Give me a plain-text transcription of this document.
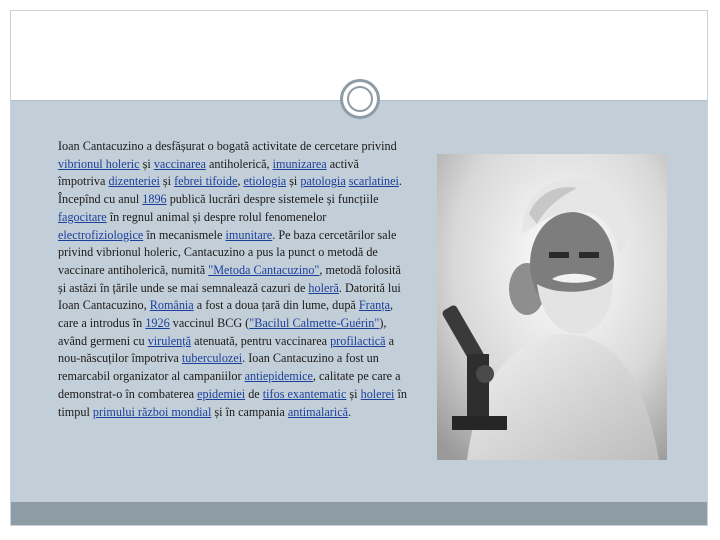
Ioan Cantacuzino a desfășurat o bogată activitate de cercetare privind vibrionul holeric și vaccinarea antiholerică, imunizarea activă împotriva dizenteriei și febrei tifoide, etiologia și patologia scarlatinei. Începînd cu anul 1896 publică lucrări despre sistemele și funcțiile fagocitare în regnul animal și despre rolul fenomenelor electrofiziologice în mecanismele imunitare. Pe baza cercetărilor sale privind vibrionul holeric, Cantacuzino a pus la punct o metodă de vaccinare antiholerică, numită "Metoda Cantacuzino", metodă folosită și astăzi în țările unde se mai semnalează cazuri de holeră. Datorită lui Ioan Cantacuzino, România a fost a doua țară din lume, după Franța, care a introdus în 1926 vaccinul BCG ("Bacilul Calmette-Guérin"), având germeni cu virulență atenuată, pentru vaccinarea profilactică a nou-născuților împotriva tuberculozei. Ioan Cantacuzino a fost un remarcabil organizator al campaniilor antiepidemice, calitate pe care a demonstrat-o în combaterea epidemiei de tifos exantematic și holerei în timpul primului război mondial și în campania antimalarică.
